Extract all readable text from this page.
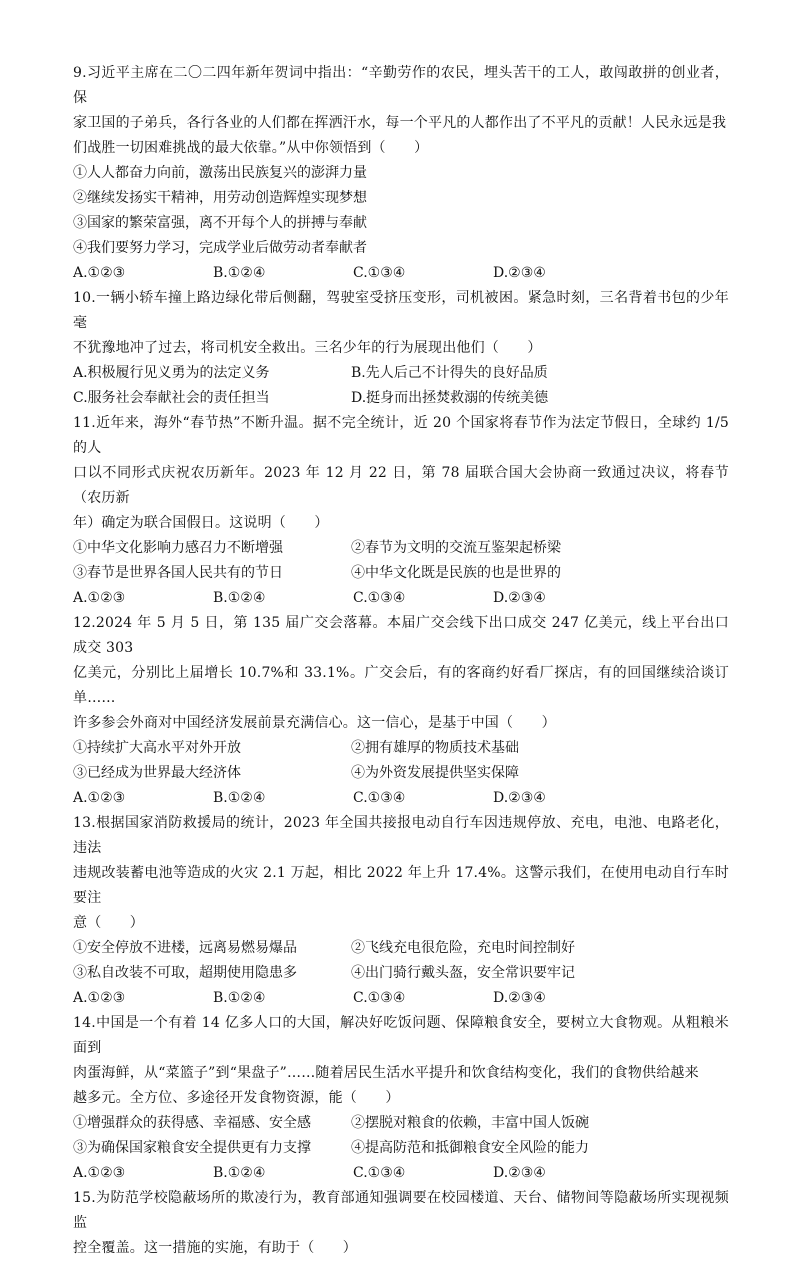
9.习近平主席在二〇二四年新年贺词中指出：“辛勤劳作的农民，埋头苦干的工人，敢闯敢拼的创业者，保

家卫国的子弟兵，各行各业的人们都在挥洒汗水，每一个平凡的人都作出了不平凡的贡献！人民永远是我

们战胜一切困难挑战的最大依靠。”从中你领悟到（　　）

①人人都奋力向前，激荡出民族复兴的澎湃力量

②继续发扬实干精神，用劳动创造辉煌实现梦想

③国家的繁荣富强，离不开每个人的拼搏与奉献

④我们要努力学习，完成学业后做劳动者奉献者

A.①②③	B.①②④	C.①③④	D.②③④

10.一辆小轿车撞上路边绿化带后侧翻，驾驶室受挤压变形，司机被困。紧急时刻，三名背着书包的少年毫

不犹豫地冲了过去，将司机安全救出。三名少年的行为展现出他们（　　）

A.积极履行见义勇为的法定义务	B.先人后己不计得失的良好品质
C.服务社会奉献社会的责任担当	D.挺身而出拯焚救溺的传统美德

11.近年来，海外“春节热”不断升温。据不完全统计，近 20 个国家将春节作为法定节假日，全球约 1/5 的人

口以不同形式庆祝农历新年。2023 年 12 月 22 日，第 78 届联合国大会协商一致通过决议，将春节（农历新

年）确定为联合国假日。这说明（　　）

①中华文化影响力感召力不断增强	②春节为文明的交流互鉴架起桥梁
③春节是世界各国人民共有的节日	④中华文化既是民族的也是世界的
A.①②③	B.①②④	C.①③④	D.②③④

12.2024 年 5 月 5 日，第 135 届广交会落幕。本届广交会线下出口成交 247 亿美元，线上平台出口成交 303

亿美元，分别比上届增长 10.7%和 33.1%。广交会后，有的客商约好看厂探店，有的回国继续洽谈订单……

许多参会外商对中国经济发展前景充满信心。这一信心，是基于中国（　　）

①持续扩大高水平对外开放	②拥有雄厚的物质技术基础
③已经成为世界最大经济体	④为外资发展提供坚实保障
A.①②③	B.①②④	C.①③④	D.②③④

13.根据国家消防救援局的统计，2023 年全国共接报电动自行车因违规停放、充电，电池、电路老化，违法

违规改装蓄电池等造成的火灾 2.1 万起，相比 2022 年上升 17.4%。这警示我们，在使用电动自行车时要注

意（　　）

①安全停放不进楼，远离易燃易爆品	②飞线充电很危险，充电时间控制好
③私自改装不可取，超期使用隐患多	④出门骑行戴头盔，安全常识要牢记
A.①②③	B.①②④	C.①③④	D.②③④

14.中国是一个有着 14 亿多人口的大国，解决好吃饭问题、保障粮食安全，要树立大食物观。从粗粮米面到

肉蛋海鲜，从“菜篮子”到“果盘子”……随着居民生活水平提升和饮食结构变化，我们的食物供给越来

越多元。全方位、多途径开发食物资源，能（　　）

①增强群众的获得感、幸福感、安全感	②摆脱对粮食的依赖，丰富中国人饭碗
③为确保国家粮食安全提供更有力支撑	④提高防范和抵御粮食安全风险的能力
A.①②③	B.①②④	C.①③④	D.②③④

15.为防范学校隐蔽场所的欺凌行为，教育部通知强调要在校园楼道、天台、储物间等隐蔽场所实现视频监

控全覆盖。这一措施的实施，有助于（　　）
